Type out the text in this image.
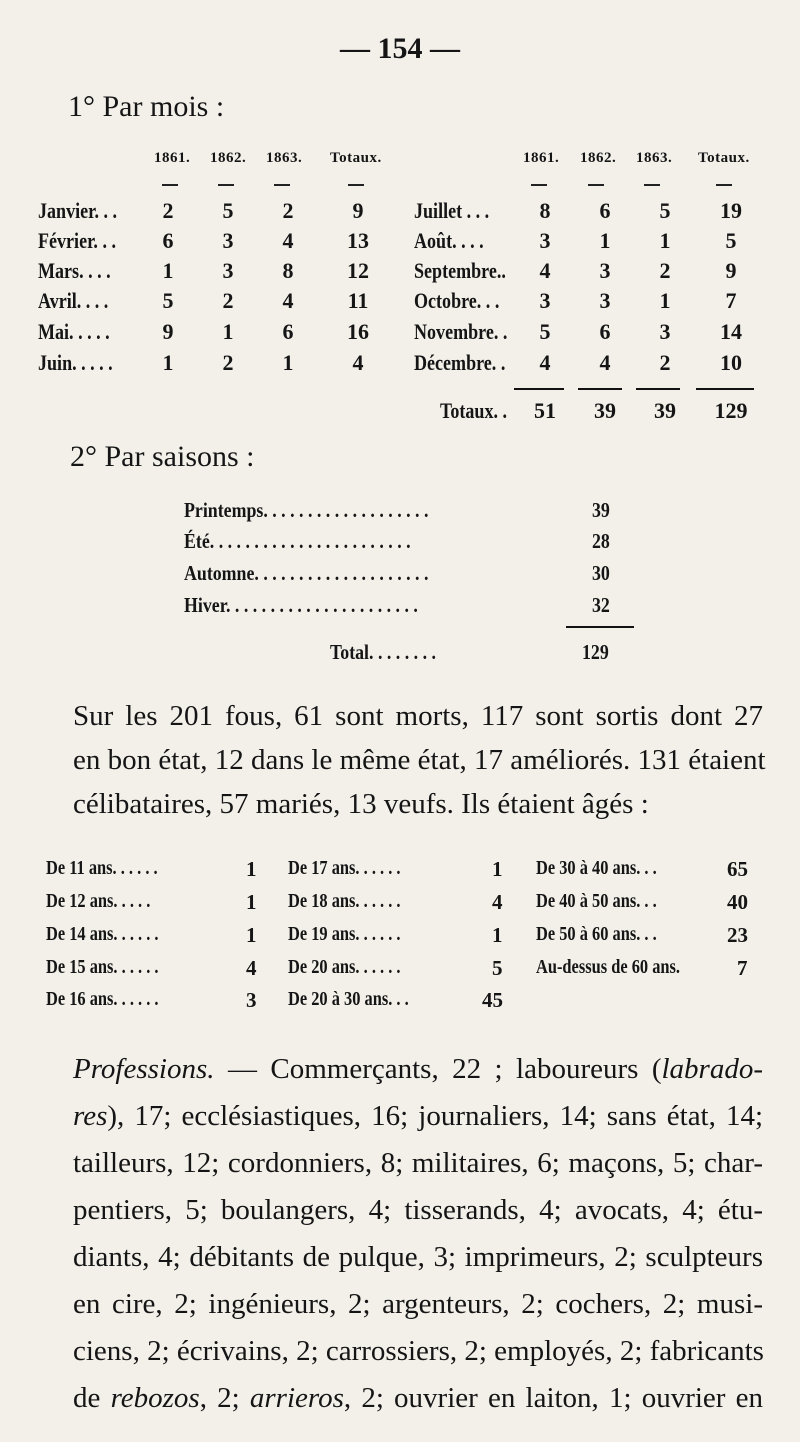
— 154 —
1° Par mois :
1861. 1862. 1863. Totaux.	1861. 1862. 1863. Totaux.
Janvier. . .	2	5	2	9
Février. . .	6	3	4	13
Mars. . . .	1	3	8	12
Avril. . . .	5	2	4	11
Mai. . . . .	9	1	6	16
Juin. . . . .	1	2	1	4
Juillet . . .	8	6	5	19
Août. . . .	3	1	1	5
Septembre..	4	3	2	9
Octobre. . .	3	3	1	7
Novembre. .	5	6	3	14
Décembre. .	4	4	2	10
Totaux. .	51	39	39	129
2° Par saisons :
Printemps. . . . . . . . . . . . . . . . . . .	39
Été. . . . . . . . . . . . . . . . . . . . . . .	28
Automne. . . . . . . . . . . . . . . . . . . .	30
Hiver. . . . . . . . . . . . . . . . . . . . . .	32
Total. . . . . . . .	129
Sur les 201 fous, 61 sont morts, 117 sont sortis dont 27
en bon état, 12 dans le même état, 17 améliorés. 131 étaient
célibataires, 57 mariés, 13 veufs. Ils étaient âgés :
De 11 ans. . . . . .	1
De 12 ans. . . . .	1
De 14 ans. . . . . .	1
De 15 ans. . . . . .	4
De 16 ans. . . . . .	3
De 17 ans. . . . . .	1
De 18 ans. . . . . .	4
De 19 ans. . . . . .	1
De 20 ans. . . . . .	5
De 20 à 30 ans. . .	45
De 30 à 40 ans. . .	65
De 40 à 50 ans. . .	40
De 50 à 60 ans. . .	23
Au-dessus de 60 ans.	7
Professions. — Commerçants, 22 ; laboureurs (labrado-
res), 17; ecclésiastiques, 16; journaliers, 14; sans état, 14;
tailleurs, 12; cordonniers, 8; militaires, 6; maçons, 5; char-
pentiers, 5; boulangers, 4; tisserands, 4; avocats, 4; étu-
diants, 4; débitants de pulque, 3; imprimeurs, 2; sculpteurs
en cire, 2; ingénieurs, 2; argenteurs, 2; cochers, 2; musi-
ciens, 2; écrivains, 2; carrossiers, 2; employés, 2; fabricants
de rebozos, 2; arrieros, 2; ouvrier en laiton, 1; ouvrier en
